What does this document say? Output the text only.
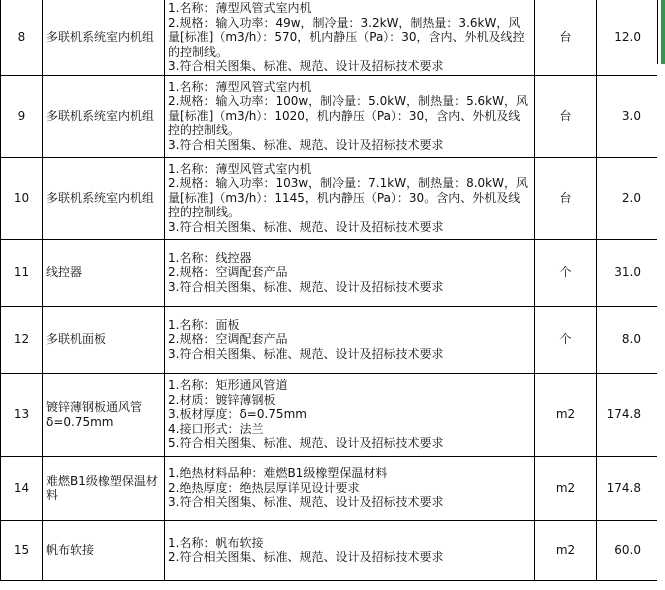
8	多联机系统室内机组	1.名称：薄型风管式室内机
2.规格：输入功率：49w，制冷量：3.2kW，制热量：3.6kW，风量[标准]（m3/h）：570，机内静压（Pa）：30，含内、外机及线控的控制线。
3.符合相关图集、标准、规范、设计及招标技术要求	台	12.0
9	多联机系统室内机组	1.名称：薄型风管式室内机
2.规格：输入功率：100w，制冷量：5.0kW，制热量：5.6kW，风量[标准]（m3/h）：1020，机内静压（Pa）：30，含内、外机及线控的控制线。
3.符合相关图集、标准、规范、设计及招标技术要求	台	3.0
10	多联机系统室内机组	1.名称：薄型风管式室内机
2.规格：输入功率：103w，制冷量：7.1kW，制热量：8.0kW，风量[标准]（m3/h）：1145，机内静压（Pa）：30。含内、外机及线控的控制线。
3.符合相关图集、标准、规范、设计及招标技术要求	台	2.0
11	线控器	1.名称：线控器
2.规格：空调配套产品
3.符合相关图集、标准、规范、设计及招标技术要求	个	31.0
12	多联机面板	1.名称：面板
2.规格：空调配套产品
3.符合相关图集、标准、规范、设计及招标技术要求	个	8.0
13	镀锌薄钢板通风管δ=0.75mm	1.名称：矩形通风管道
2.材质：镀锌薄钢板
3.板材厚度：δ=0.75mm
4.接口形式：法兰
5.符合相关图集、标准、规范、设计及招标技术要求	m2	174.8
14	难燃B1级橡塑保温材料	1.绝热材料品种：难燃B1级橡塑保温材料
2.绝热厚度：绝热层厚详见设计要求
3.符合相关图集、标准、规范、设计及招标技术要求	m2	174.8
15	帆布软接	1.名称：帆布软接
2.符合相关图集、标准、规范、设计及招标技术要求	m2	60.0
